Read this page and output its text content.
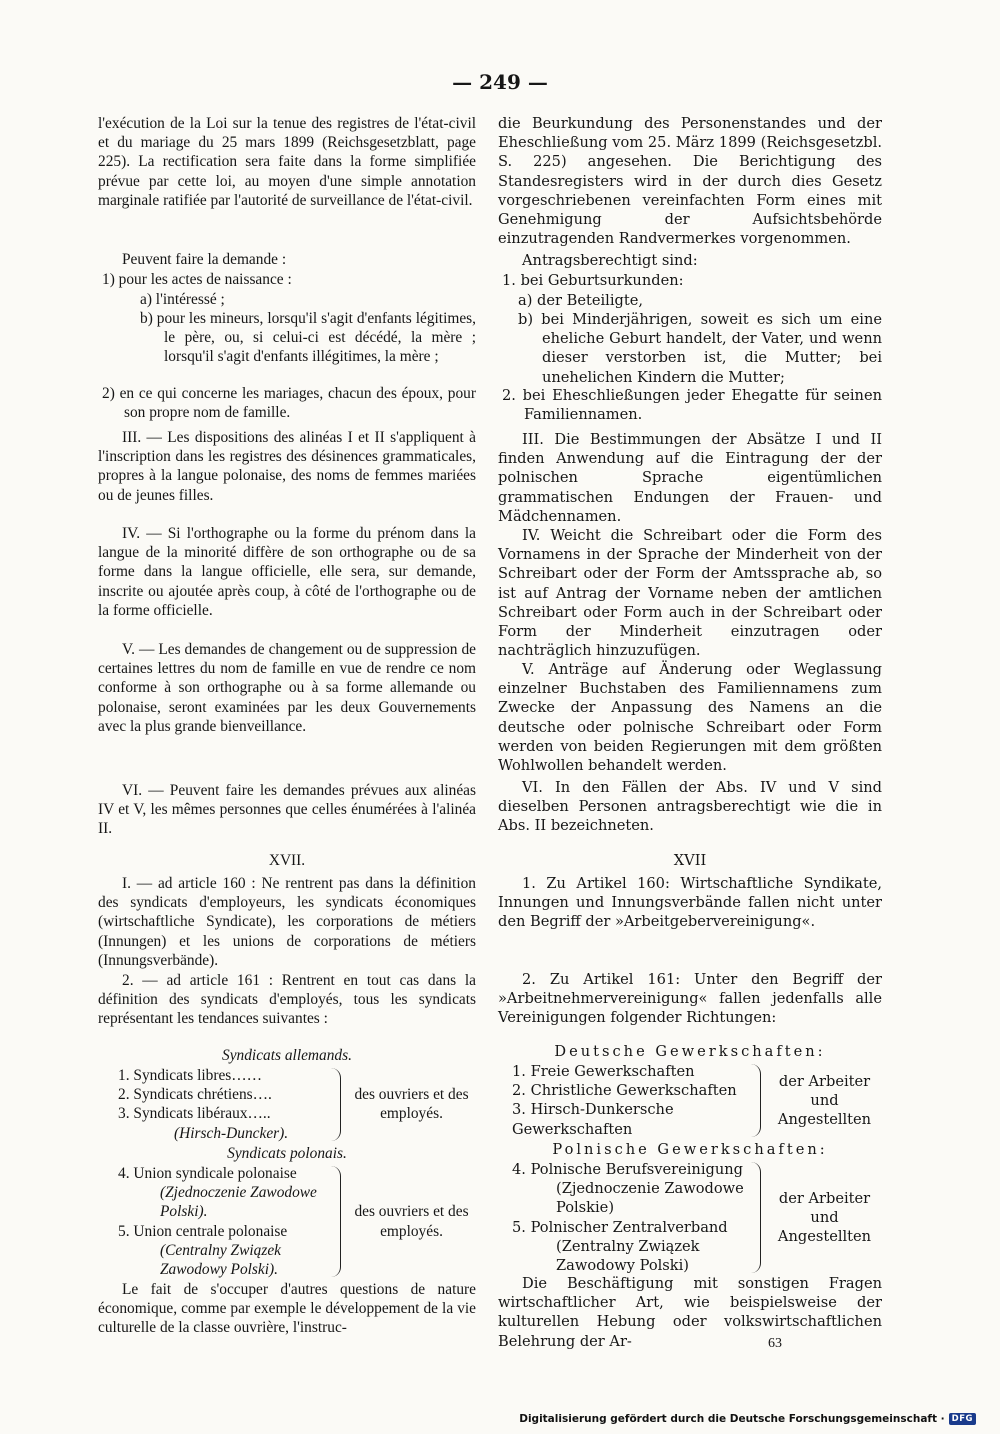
— 249 —

l'exécution de la Loi sur la tenue des registres de l'état-civil et du mariage du 25 mars 1899 (Reichsgesetzblatt, page 225). La rectification sera faite dans la forme simplifiée prévue par cette loi, au moyen d'une simple annotation marginale ratifiée par l'autorité de surveillance de l'état-civil.

Peuvent faire la demande :

1) pour les actes de naissance :

a) l'intéressé ;

b) pour les mineurs, lorsqu'il s'agit d'enfants légitimes, le père, ou, si celui-ci est décédé, la mère ; lorsqu'il s'agit d'enfants illégitimes, la mère ;

2) en ce qui concerne les mariages, chacun des époux, pour son propre nom de famille.

III. — Les dispositions des alinéas I et II s'appliquent à l'inscription dans les registres des désinences grammaticales, propres à la langue polonaise, des noms de femmes mariées ou de jeunes filles.

IV. — Si l'orthographe ou la forme du prénom dans la langue de la minorité diffère de son orthographe ou de sa forme dans la langue officielle, elle sera, sur demande, inscrite ou ajoutée après coup, à côté de l'orthographe ou de la forme officielle.

V. — Les demandes de changement ou de suppression de certaines lettres du nom de famille en vue de rendre ce nom conforme à son orthographe ou à sa forme allemande ou polonaise, seront examinées par les deux Gouvernements avec la plus grande bienveillance.

VI. — Peuvent faire les demandes prévues aux alinéas IV et V, les mêmes personnes que celles énumérées à l'alinéa II.

XVII.

I. — ad article 160 : Ne rentrent pas dans la définition des syndicats d'employeurs, les syndicats économiques (wirtschaftliche Syndicate), les corporations de métiers (Innungen) et les unions de corporations de métiers (Innungsverbände).

2. — ad article 161 : Rentrent en tout cas dans la définition des syndicats d'employés, tous les syndicats représentant les tendances suivantes :

Syndicats allemands.

1. Syndicats libres……
2. Syndicats chrétiens….
3. Syndicats libéraux…..
(Hirsch-Duncker).
des ouvriers et des employés.

Syndicats polonais.

4. Union syndicale polonaise
(Zjednoczenie Zawodowe Polski).
5. Union centrale polonaise
(Centralny Związek Zawodowy Polski).
des ouvriers et des employés.

Le fait de s'occuper d'autres questions de nature économique, comme par exemple le développement de la vie culturelle de la classe ouvrière, l'instruc-

die Beurkundung des Personenstandes und der Eheschließung vom 25. März 1899 (Reichsgesetzbl. S. 225) angesehen. Die Berichtigung des Standesregisters wird in der durch dies Gesetz vorgeschriebenen vereinfachten Form eines mit Genehmigung der Aufsichtsbehörde einzutragenden Randvermerkes vorgenommen.

Antragsberechtigt sind:

1. bei Geburtsurkunden:

a) der Beteiligte,

b) bei Minderjährigen, soweit es sich um eine eheliche Geburt handelt, der Vater, und wenn dieser verstorben ist, die Mutter; bei unehelichen Kindern die Mutter;

2. bei Eheschließungen jeder Ehegatte für seinen Familiennamen.

III. Die Bestimmungen der Absätze I und II finden Anwendung auf die Eintragung der der polnischen Sprache eigentümlichen grammatischen Endungen der Frauen- und Mädchennamen.

IV. Weicht die Schreibart oder die Form des Vornamens in der Sprache der Minderheit von der Schreibart oder der Form der Amtssprache ab, so ist auf Antrag der Vorname neben der amtlichen Schreibart oder Form auch in der Schreibart oder Form der Minderheit einzutragen oder nachträglich hinzuzufügen.

V. Anträge auf Änderung oder Weglassung einzelner Buchstaben des Familiennamens zum Zwecke der Anpassung des Namens an die deutsche oder polnische Schreibart oder Form werden von beiden Regierungen mit dem größten Wohlwollen behandelt werden.

VI. In den Fällen der Abs. IV und V sind dieselben Personen antragsberechtigt wie die in Abs. II bezeichneten.

XVII

1. Zu Artikel 160: Wirtschaftliche Syndikate, Innungen und Innungsverbände fallen nicht unter den Begriff der »Arbeitgebervereinigung«.

2. Zu Artikel 161: Unter den Begriff der »Arbeitnehmervereinigung« fallen jedenfalls alle Vereinigungen folgender Richtungen:

Deutsche Gewerkschaften:

1. Freie Gewerkschaften
2. Christliche Gewerkschaften
3. Hirsch-Dunkersche Gewerkschaften
der Arbeiter und Angestellten

Polnische Gewerkschaften:

4. Polnische Berufsvereinigung
(Zjednoczenie Zawodowe Polskie)
5. Polnischer Zentralverband
(Zentralny Związek Zawodowy Polski)
der Arbeiter und Angestellten

Die Beschäftigung mit sonstigen Fragen wirtschaftlicher Art, wie beispielsweise der kulturellen Hebung oder volkswirtschaftlichen Belehrung der Ar-	63
Digitalisierung gefördert durch die Deutsche Forschungsgemeinschaft · DFG
